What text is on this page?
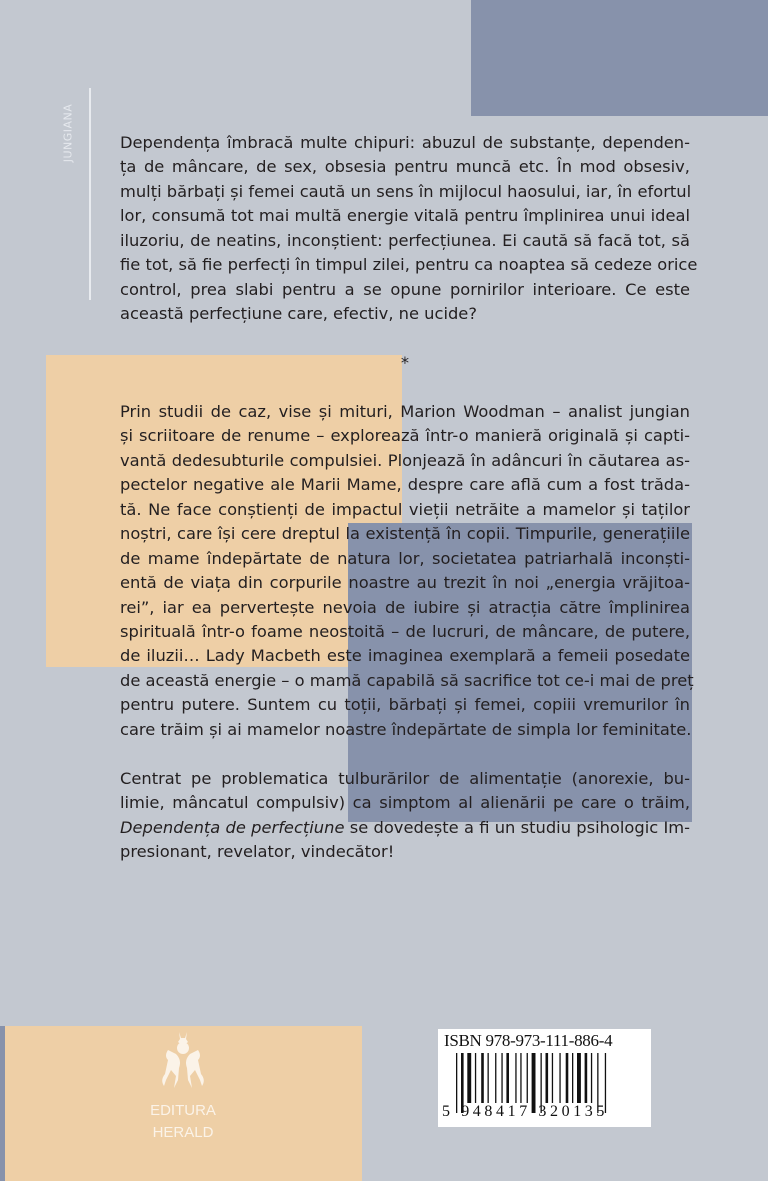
JUNGIANA	Dependența îmbracă multe chipuri: abuzul de substanțe, dependen-
ța de mâncare, de sex, obsesia pentru muncă etc. În mod obsesiv,
mulți bărbați și femei caută un sens în mijlocul haosului, iar, în efortul
lor, consumă tot mai multă energie vitală pentru împlinirea unui ideal
iluzoriu, de neatins, inconștient: perfecțiunea. Ei caută să facă tot, să
fie tot, să fie perfecți în timpul zilei, pentru ca noaptea să cedeze orice
control, prea slabi pentru a se opune pornirilor interioare. Ce este
această perfecțiune care, efectiv, ne ucide?
*
Prin studii de caz, vise și mituri, Marion Woodman – analist jungian
și scriitoare de renume – explorează într-o manieră originală și capti-
vantă dedesubturile compulsiei. Plonjează în adâncuri în căutarea as-
pectelor negative ale Marii Mame, despre care află cum a fost trăda-
tă. Ne face conștienți de impactul vieții netrăite a mamelor și taților
noștri, care își cere dreptul la existență în copii. Timpurile, generațiile
de mame îndepărtate de natura lor, societatea patriarhală inconști-
entă de viața din corpurile noastre au trezit în noi „energia vrăjitoa-
rei”, iar ea pervertește nevoia de iubire și atracția către împlinirea
spirituală într-o foame neostoită – de lucruri, de mâncare, de putere,
de iluzii… Lady Macbeth este imaginea exemplară a femeii posedate
de această energie – o mamă capabilă să sacrifice tot ce-i mai de preț
pentru putere. Suntem cu toții, bărbați și femei, copiii vremurilor în
care trăim și ai mamelor noastre îndepărtate de simpla lor feminitate.
Centrat pe problematica tulburărilor de alimentație (anorexie, bu-
limie, mâncatul compulsiv) ca simptom al alienării pe care o trăim,
Dependența de perfecțiune se dovedește a fi un studiu psihologic Im-
presionant, revelator, vindecător!
EDITURA
HERALD
ISBN 978-973-111-886-4
5 948417 320135
